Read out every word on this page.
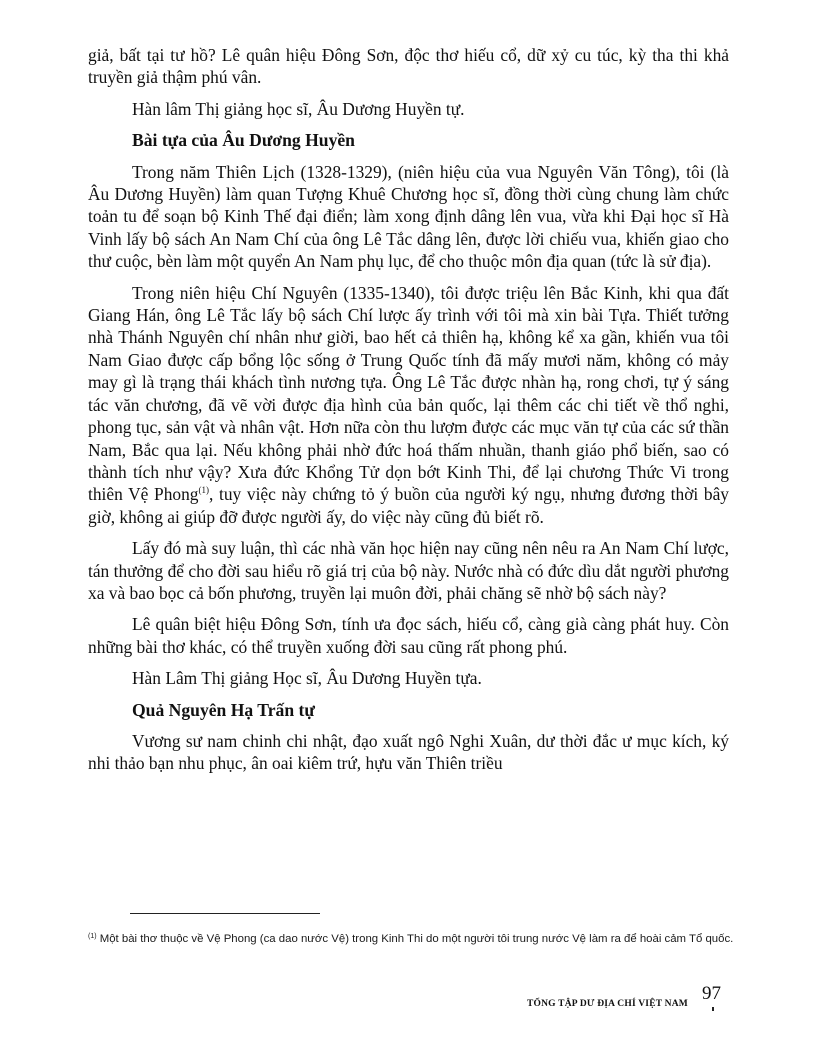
giả, bất tại tư hồ? Lê quân hiệu Đông Sơn, độc thơ hiếu cổ, dữ xỷ cu túc, kỳ tha thi khả truyền giả thậm phú vân.

Hàn lâm Thị giảng học sĩ, Âu Dương Huyền tự.

Bài tựa của Âu Dương Huyền

Trong năm Thiên Lịch (1328-1329), (niên hiệu của vua Nguyên Văn Tông), tôi (là Âu Dương Huyền) làm quan Tượng Khuê Chương học sĩ, đồng thời cùng chung làm chức toản tu để soạn bộ Kinh Thế đại điển; làm xong định dâng lên vua, vừa khi Đại học sĩ Hà Vinh lấy bộ sách An Nam Chí của ông Lê Tắc dâng lên, được lời chiếu vua, khiến giao cho thư cuộc, bèn làm một quyển An Nam phụ lục, để cho thuộc môn địa quan (tức là sử địa).

Trong niên hiệu Chí Nguyên (1335-1340), tôi được triệu lên Bắc Kinh, khi qua đất Giang Hán, ông Lê Tắc lấy bộ sách Chí lược ấy trình với tôi mà xin bài Tựa. Thiết tưởng nhà Thánh Nguyên chí nhân như giời, bao hết cả thiên hạ, không kể xa gần, khiến vua tôi Nam Giao được cấp bổng lộc sống ở Trung Quốc tính đã mấy mươi năm, không có mảy may gì là trạng thái khách tình nương tựa. Ông Lê Tắc được nhàn hạ, rong chơi, tự ý sáng tác văn chương, đã vẽ vời được địa hình của bản quốc, lại thêm các chi tiết về thổ nghi, phong tục, sản vật và nhân vật. Hơn nữa còn thu lượm được các mục văn tự của các sứ thần Nam, Bắc qua lại. Nếu không phải nhờ đức hoá thấm nhuần, thanh giáo phổ biến, sao có thành tích như vậy? Xưa đức Khổng Tử dọn bớt Kinh Thi, để lại chương Thức Vi trong thiên Vệ Phong$^{(1)}$, tuy việc này chứng tỏ ý buồn của người ký ngụ, nhưng đương thời bây giờ, không ai giúp đỡ được người ấy, do việc này cũng đủ biết rõ.

Lấy đó mà suy luận, thì các nhà văn học hiện nay cũng nên nêu ra An Nam Chí lược, tán thưởng để cho đời sau hiểu rõ giá trị của bộ này. Nước nhà có đức dìu dắt người phương xa và bao bọc cả bốn phương, truyền lại muôn đời, phải chăng sẽ nhờ bộ sách này?

Lê quân biệt hiệu Đông Sơn, tính ưa đọc sách, hiếu cổ, càng già càng phát huy. Còn những bài thơ khác, có thể truyền xuống đời sau cũng rất phong phú.

Hàn Lâm Thị giảng Học sĩ, Âu Dương Huyền tựa.

Quả Nguyên Hạ Trấn tự

Vương sư nam chinh chi nhật, đạo xuất ngô Nghi Xuân, dư thời đắc ư mục kích, ký nhi thảo bạn nhu phục, ân oai kiêm trứ, hựu văn Thiên triều

$^{(1)}$ Một bài thơ thuộc về Vệ Phong (ca dao nước Vệ) trong Kinh Thi do một người tôi trung nước Vệ làm ra để hoài cảm Tổ quốc.
TỔNG TẬP DƯ ĐỊA CHÍ VIỆT NAM 97
